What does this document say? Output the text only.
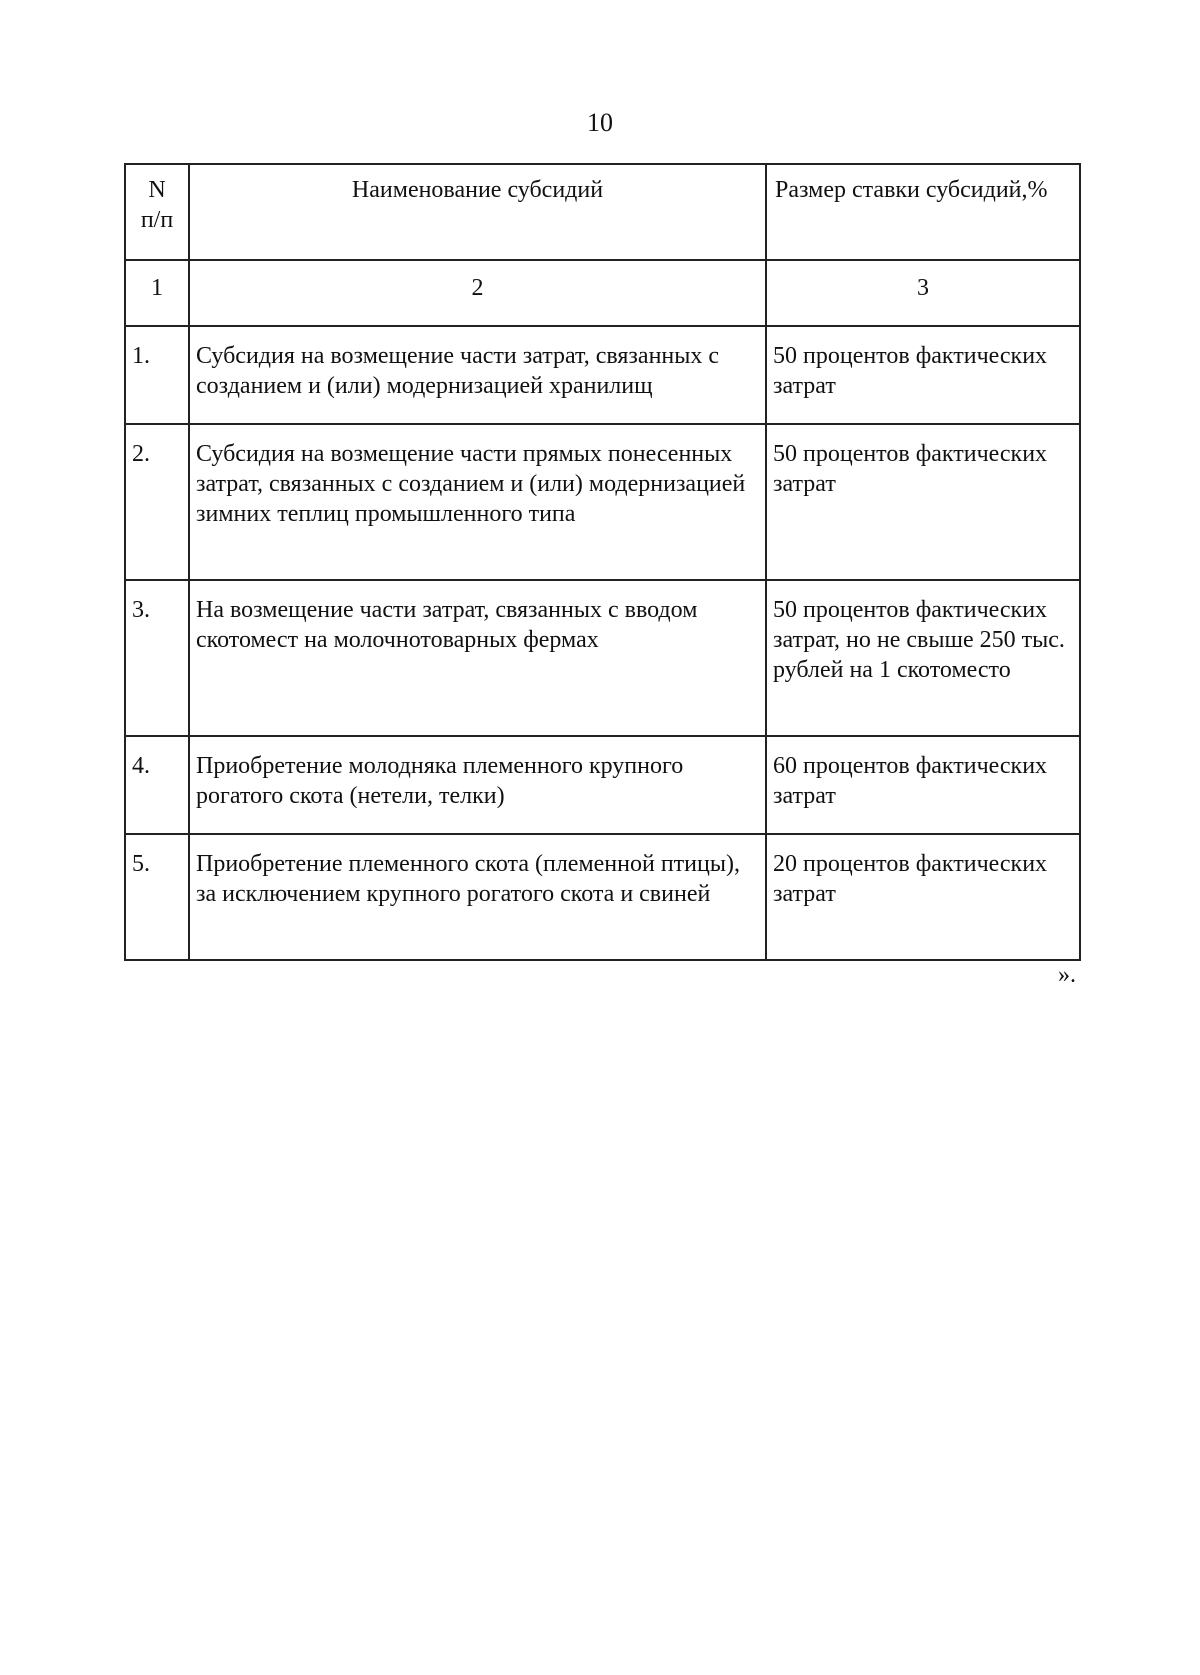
10
N
п/п	Наименование субсидий	Размер ставки субсидий,%
1	2	3
1.	Субсидия на возмещение части затрат, связанных с созданием и (или) модернизацией хранилищ	50 процентов фактических затрат
2.	Субсидия на возмещение части прямых понесенных затрат, связанных с созданием и (или) модернизацией зимних теплиц промышленного типа	50 процентов фактических затрат
3.	На возмещение части затрат, связанных с вводом скотомест на молочнотоварных фермах	50 процентов фактических затрат, но не свыше 250 тыс. рублей на 1 скотоместо
4.	Приобретение молодняка племенного крупного рогатого скота (нетели, телки)	60 процентов фактических затрат
5.	Приобретение племенного скота (племенной птицы), за исключением крупного рогатого скота и свиней	20 процентов фактических затрат
».
